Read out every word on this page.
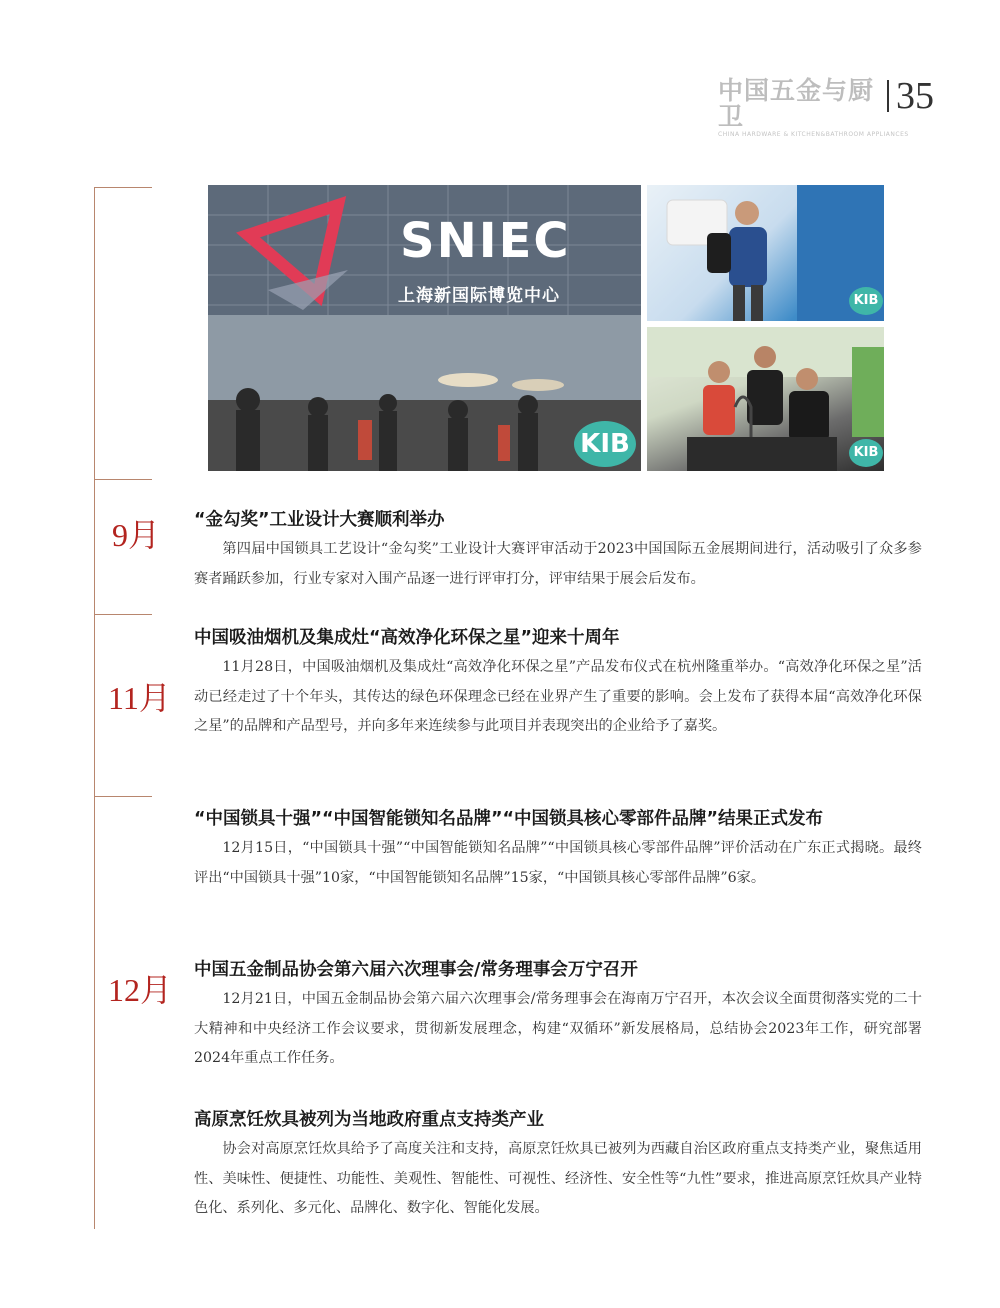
中国五金与厨卫
CHINA HARDWARE & KITCHEN&BATHROOM APPLIANCES
35
9月
11月
12月
SNIEC
上海新国际博览中心
KIB
KIB
KIB
“金勾奖”工业设计大赛顺利举办

第四届中国锁具工艺设计“金勾奖”工业设计大赛评审活动于2023中国国际五金展期间进行，活动吸引了众多参赛者踊跃参加，行业专家对入围产品逐一进行评审打分，评审结果于展会后发布。

中国吸油烟机及集成灶“高效净化环保之星”迎来十周年

11月28日，中国吸油烟机及集成灶“高效净化环保之星”产品发布仪式在杭州隆重举办。“高效净化环保之星”活动已经走过了十个年头，其传达的绿色环保理念已经在业界产生了重要的影响。会上发布了获得本届“高效净化环保之星”的品牌和产品型号，并向多年来连续参与此项目并表现突出的企业给予了嘉奖。

“中国锁具十强”“中国智能锁知名品牌”“中国锁具核心零部件品牌”结果正式发布

12月15日，“中国锁具十强”“中国智能锁知名品牌”“中国锁具核心零部件品牌”评价活动在广东正式揭晓。最终评出“中国锁具十强”10家，“中国智能锁知名品牌”15家，“中国锁具核心零部件品牌”6家。

中国五金制品协会第六届六次理事会/常务理事会万宁召开

12月21日，中国五金制品协会第六届六次理事会/常务理事会在海南万宁召开，本次会议全面贯彻落实党的二十大精神和中央经济工作会议要求，贯彻新发展理念，构建“双循环”新发展格局，总结协会2023年工作，研究部署2024年重点工作任务。

高原烹饪炊具被列为当地政府重点支持类产业

协会对高原烹饪炊具给予了高度关注和支持，高原烹饪炊具已被列为西藏自治区政府重点支持类产业，聚焦适用性、美味性、便捷性、功能性、美观性、智能性、可视性、经济性、安全性等“九性”要求，推进高原烹饪炊具产业特色化、系列化、多元化、品牌化、数字化、智能化发展。
